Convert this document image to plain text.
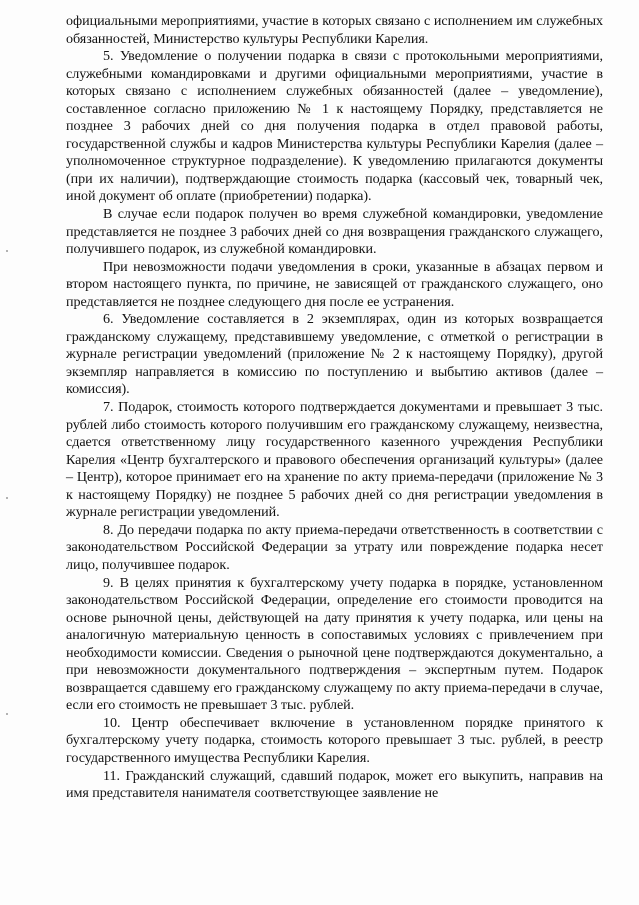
официальными мероприятиями, участие в которых связано с исполнением им служебных обязанностей, Министерство культуры Республики Карелия.

5. Уведомление о получении подарка в связи с протокольными мероприятиями, служебными командировками и другими официальными мероприятиями, участие в которых связано с исполнением служебных обязанностей (далее – уведомление), составленное согласно приложению № 1 к настоящему Порядку, представляется не позднее 3 рабочих дней со дня получения подарка в отдел правовой работы, государственной службы и кадров Министерства культуры Республики Карелия (далее – уполномоченное структурное подразделение). К уведомлению прилагаются документы (при их наличии), подтверждающие стоимость подарка (кассовый чек, товарный чек, иной документ об оплате (приобретении) подарка).

В случае если подарок получен во время служебной командировки, уведомление представляется не позднее 3 рабочих дней со дня возвращения гражданского служащего, получившего подарок, из служебной командировки.

При невозможности подачи уведомления в сроки, указанные в абзацах первом и втором настоящего пункта, по причине, не зависящей от гражданского служащего, оно представляется не позднее следующего дня после ее устранения.

6. Уведомление составляется в 2 экземплярах, один из которых возвращается гражданскому служащему, представившему уведомление, с отметкой о регистрации в журнале регистрации уведомлений (приложение № 2 к настоящему Порядку), другой экземпляр направляется в комиссию по поступлению и выбытию активов (далее – комиссия).

7. Подарок, стоимость которого подтверждается документами и превышает 3 тыс. рублей либо стоимость которого получившим его гражданскому служащему, неизвестна, сдается ответственному лицу государственного казенного учреждения Республики Карелия «Центр бухгалтерского и правового обеспечения организаций культуры» (далее – Центр), которое принимает его на хранение по акту приема-передачи (приложение № 3 к настоящему Порядку) не позднее 5 рабочих дней со дня регистрации уведомления в журнале регистрации уведомлений.

8. До передачи подарка по акту приема-передачи ответственность в соответствии с законодательством Российской Федерации за утрату или повреждение подарка несет лицо, получившее подарок.

9. В целях принятия к бухгалтерскому учету подарка в порядке, установленном законодательством Российской Федерации, определение его стоимости проводится на основе рыночной цены, действующей на дату принятия к учету подарка, или цены на аналогичную материальную ценность в сопоставимых условиях с привлечением при необходимости комиссии. Сведения о рыночной цене подтверждаются документально, а при невозможности документального подтверждения – экспертным путем. Подарок возвращается сдавшему его гражданскому служащему по акту приема-передачи в случае, если его стоимость не превышает 3 тыс. рублей.

10. Центр обеспечивает включение в установленном порядке принятого к бухгалтерскому учету подарка, стоимость которого превышает 3 тыс. рублей, в реестр государственного имущества Республики Карелия.

11. Гражданский служащий, сдавший подарок, может его выкупить, направив на имя представителя нанимателя соответствующее заявление не
